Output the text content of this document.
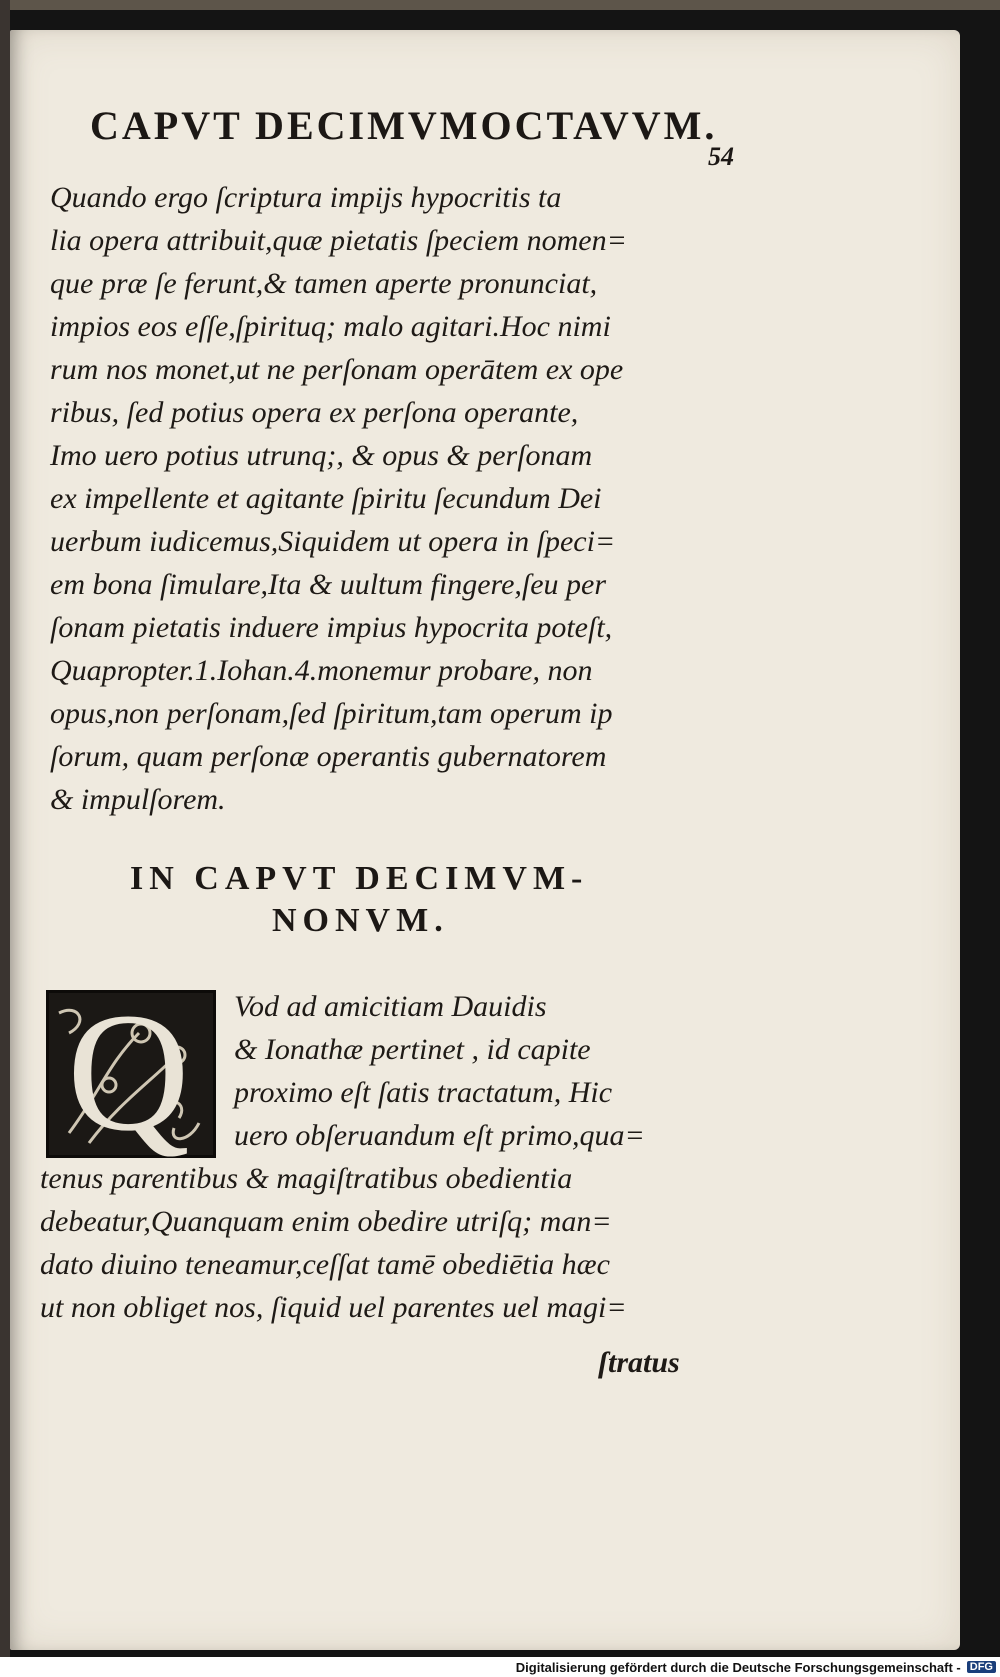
CAPVT DECIMVMOCTAVVM.
54
Quando ergo ſcriptura impijs hypocritis ta
lia opera attribuit,quæ pietatis ſpeciem nomen=
que præ ſe ferunt,& tamen aperte pronunciat,
impios eos eſſe,ſpirituq; malo agitari.Hoc nimi
rum nos monet,ut ne perſonam operātem ex ope
ribus, ſed potius opera ex perſona operante,
Imo uero potius utrunq;, & opus & perſonam
ex impellente et agitante ſpiritu ſecundum Dei
uerbum iudicemus,Siquidem ut opera in ſpeci=
em bona ſimulare,Ita & uultum fingere,ſeu per
ſonam pietatis induere impius hypocrita poteſt,
Quapropter.1.Iohan.4.monemur probare, non
opus,non perſonam,ſed ſpiritum,tam operum ip
ſorum, quam perſonæ operantis gubernatorem
& impulſorem.
IN CAPVT DECIMVM-
NONVM.
Q	Vod ad amicitiam Dauidis
& Ionathæ pertinet , id capite
proximo eſt ſatis tractatum, Hic
uero obſeruandum eſt primo,qua=
tenus parentibus & magiſtratibus obedientia
debeatur,Quanquam enim obedire utriſq; man=
dato diuino teneamur,ceſſat tamē obediētia hæc
ut non obliget nos, ſiquid uel parentes uel magi=
ſtratus
Digitalisierung gefördert durch die Deutsche Forschungsgemeinschaft - DFG
